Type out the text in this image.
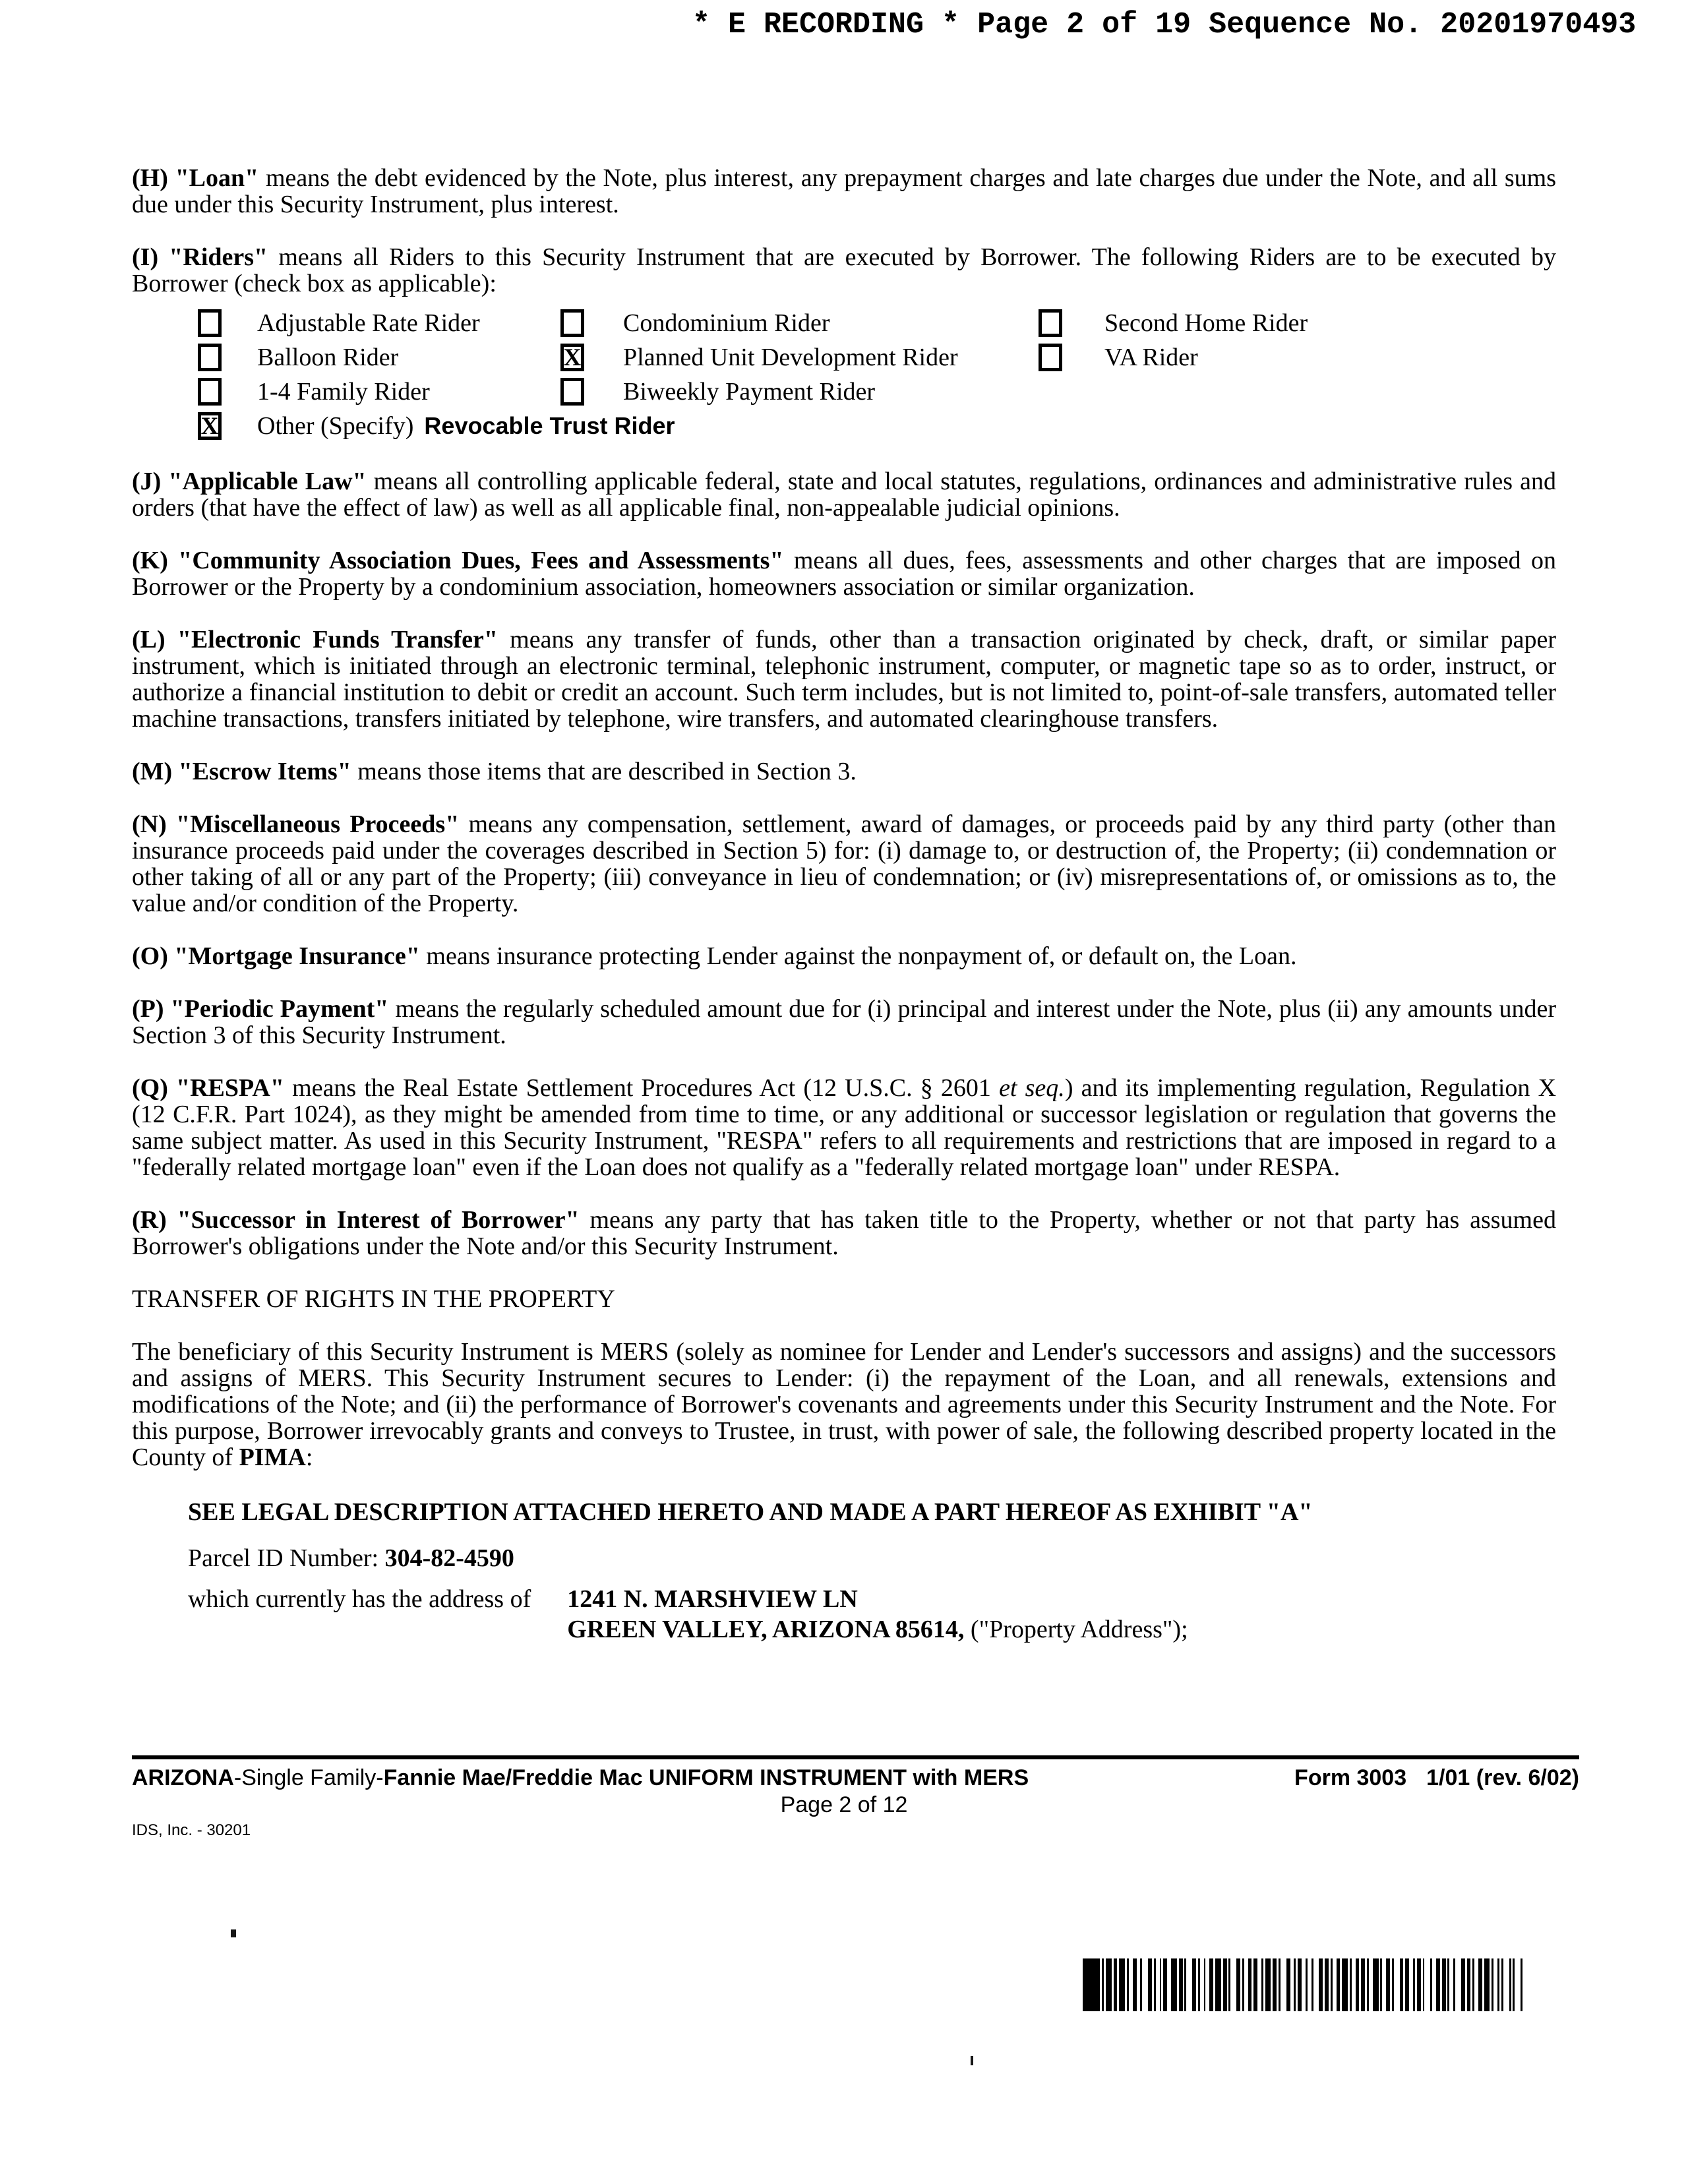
* E RECORDING * Page 2 of 19 Sequence No. 20201970493
(H) "Loan" means the debt evidenced by the Note, plus interest, any prepayment charges and late charges due under the Note, and all sums due under this Security Instrument, plus interest.
(I) "Riders" means all Riders to this Security Instrument that are executed by Borrower. The following Riders are to be executed by Borrower (check box as applicable):
Adjustable Rate Rider	Condominium Rider	Second Home Rider
Balloon Rider	X Planned Unit Development Rider	VA Rider
1-4 Family Rider	Biweekly Payment Rider
X Other (Specify) Revocable Trust Rider
(J) "Applicable Law" means all controlling applicable federal, state and local statutes, regulations, ordinances and administrative rules and orders (that have the effect of law) as well as all applicable final, non-appealable judicial opinions.
(K) "Community Association Dues, Fees and Assessments" means all dues, fees, assessments and other charges that are imposed on Borrower or the Property by a condominium association, homeowners association or similar organization.
(L) "Electronic Funds Transfer" means any transfer of funds, other than a transaction originated by check, draft, or similar paper instrument, which is initiated through an electronic terminal, telephonic instrument, computer, or magnetic tape so as to order, instruct, or authorize a financial institution to debit or credit an account. Such term includes, but is not limited to, point-of-sale transfers, automated teller machine transactions, transfers initiated by telephone, wire transfers, and automated clearinghouse transfers.
(M) "Escrow Items" means those items that are described in Section 3.
(N) "Miscellaneous Proceeds" means any compensation, settlement, award of damages, or proceeds paid by any third party (other than insurance proceeds paid under the coverages described in Section 5) for: (i) damage to, or destruction of, the Property; (ii) condemnation or other taking of all or any part of the Property; (iii) conveyance in lieu of condemnation; or (iv) misrepresentations of, or omissions as to, the value and/or condition of the Property.
(O) "Mortgage Insurance" means insurance protecting Lender against the nonpayment of, or default on, the Loan.
(P) "Periodic Payment" means the regularly scheduled amount due for (i) principal and interest under the Note, plus (ii) any amounts under Section 3 of this Security Instrument.
(Q) "RESPA" means the Real Estate Settlement Procedures Act (12 U.S.C. § 2601 et seq.) and its implementing regulation, Regulation X (12 C.F.R. Part 1024), as they might be amended from time to time, or any additional or successor legislation or regulation that governs the same subject matter. As used in this Security Instrument, "RESPA" refers to all requirements and restrictions that are imposed in regard to a "federally related mortgage loan" even if the Loan does not qualify as a "federally related mortgage loan" under RESPA.
(R) "Successor in Interest of Borrower" means any party that has taken title to the Property, whether or not that party has assumed Borrower's obligations under the Note and/or this Security Instrument.
TRANSFER OF RIGHTS IN THE PROPERTY
The beneficiary of this Security Instrument is MERS (solely as nominee for Lender and Lender's successors and assigns) and the successors and assigns of MERS. This Security Instrument secures to Lender: (i) the repayment of the Loan, and all renewals, extensions and modifications of the Note; and (ii) the performance of Borrower's covenants and agreements under this Security Instrument and the Note. For this purpose, Borrower irrevocably grants and conveys to Trustee, in trust, with power of sale, the following described property located in the County of PIMA:
SEE LEGAL DESCRIPTION ATTACHED HERETO AND MADE A PART HEREOF AS EXHIBIT "A"
Parcel ID Number: 304-82-4590
which currently has the address of 1241 N. MARSHVIEW LN
GREEN VALLEY, ARIZONA 85614, ("Property Address");
ARIZONA-Single Family-Fannie Mae/Freddie Mac UNIFORM INSTRUMENT with MERS	Form 3003 1/01 (rev. 6/02)
Page 2 of 12
IDS, Inc. - 30201
